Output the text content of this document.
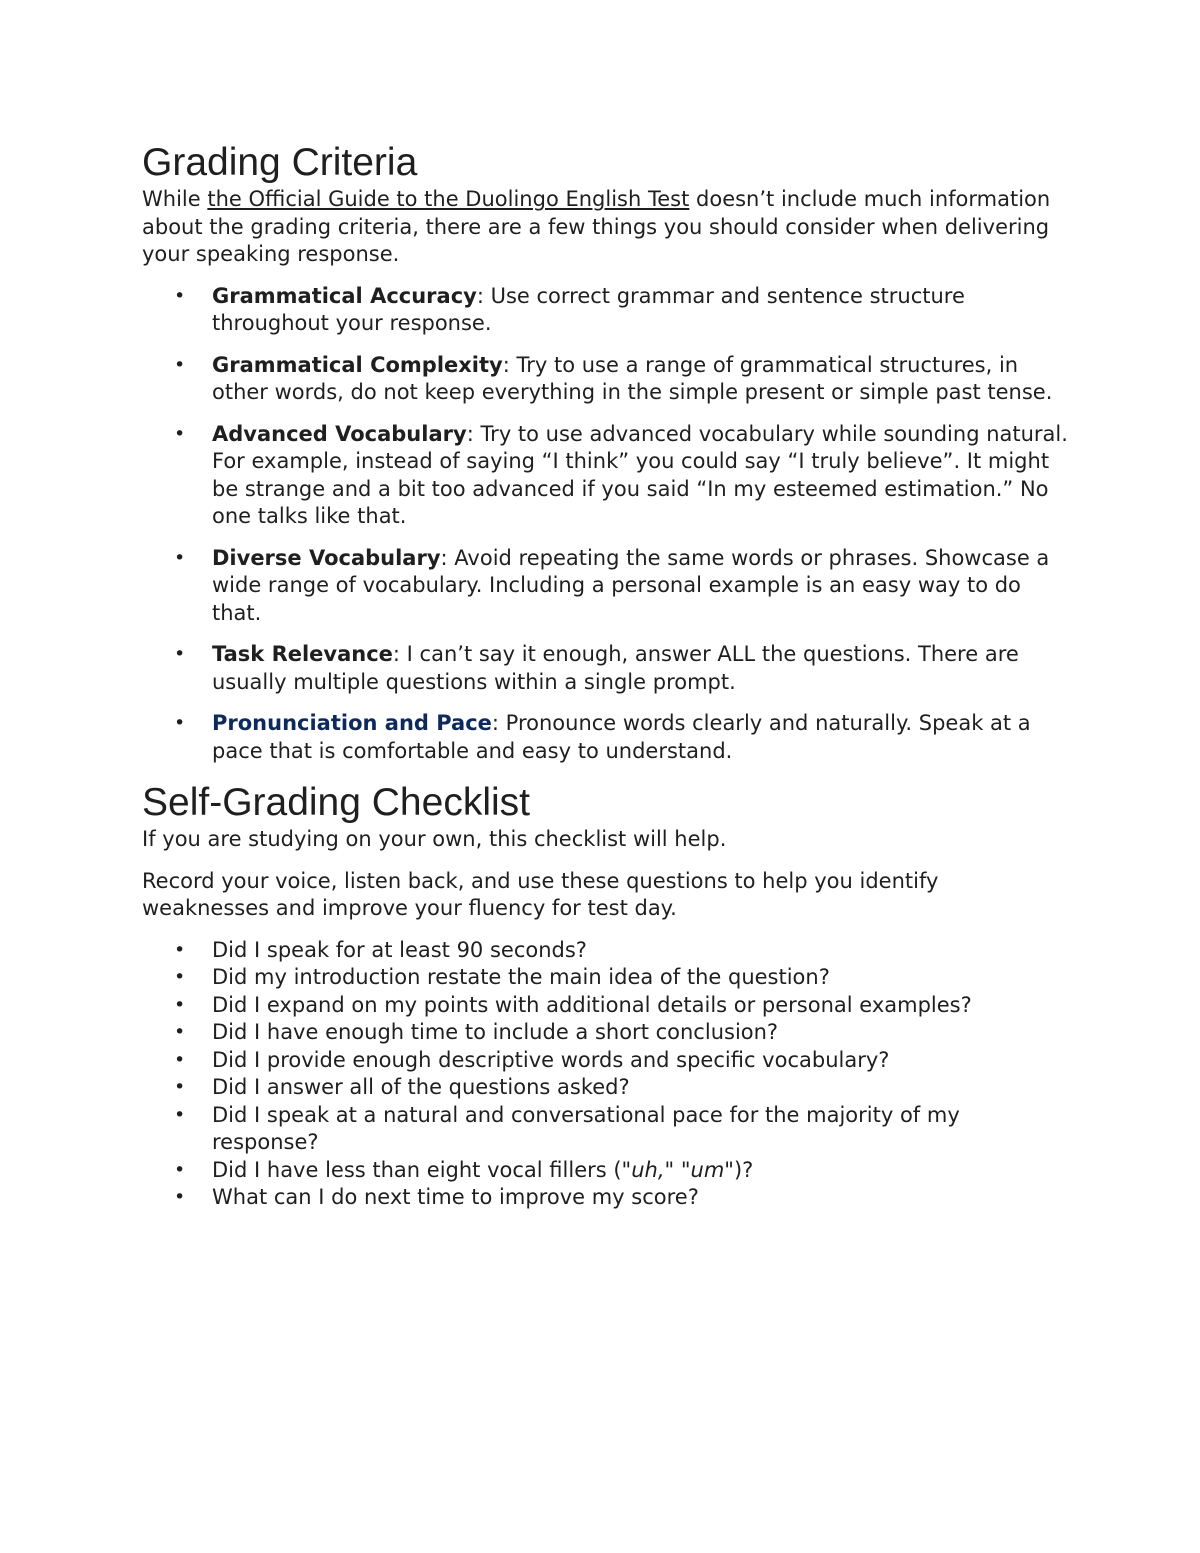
Grading Criteria

While the Official Guide to the Duolingo English Test doesn’t include much information about the grading criteria, there are a few things you should consider when delivering your speaking response.

• Grammatical Accuracy: Use correct grammar and sentence structure throughout your response.
• Grammatical Complexity: Try to use a range of grammatical structures, in other words, do not keep everything in the simple present or simple past tense.
• Advanced Vocabulary: Try to use advanced vocabulary while sounding natural. For example, instead of saying “I think” you could say “I truly believe”. It might be strange and a bit too advanced if you said “In my esteemed estimation.” No one talks like that.
• Diverse Vocabulary: Avoid repeating the same words or phrases. Showcase a wide range of vocabulary. Including a personal example is an easy way to do that.
• Task Relevance: I can’t say it enough, answer ALL the questions. There are usually multiple questions within a single prompt.
• Pronunciation and Pace: Pronounce words clearly and naturally. Speak at a pace that is comfortable and easy to understand.
Self-Grading Checklist

If you are studying on your own, this checklist will help.

Record your voice, listen back, and use these questions to help you identify weaknesses and improve your fluency for test day.

• Did I speak for at least 90 seconds?
• Did my introduction restate the main idea of the question?
• Did I expand on my points with additional details or personal examples?
• Did I have enough time to include a short conclusion?
• Did I provide enough descriptive words and specific vocabulary?
• Did I answer all of the questions asked?
• Did I speak at a natural and conversational pace for the majority of my response?
• Did I have less than eight vocal fillers ("uh," "um")?
• What can I do next time to improve my score?
